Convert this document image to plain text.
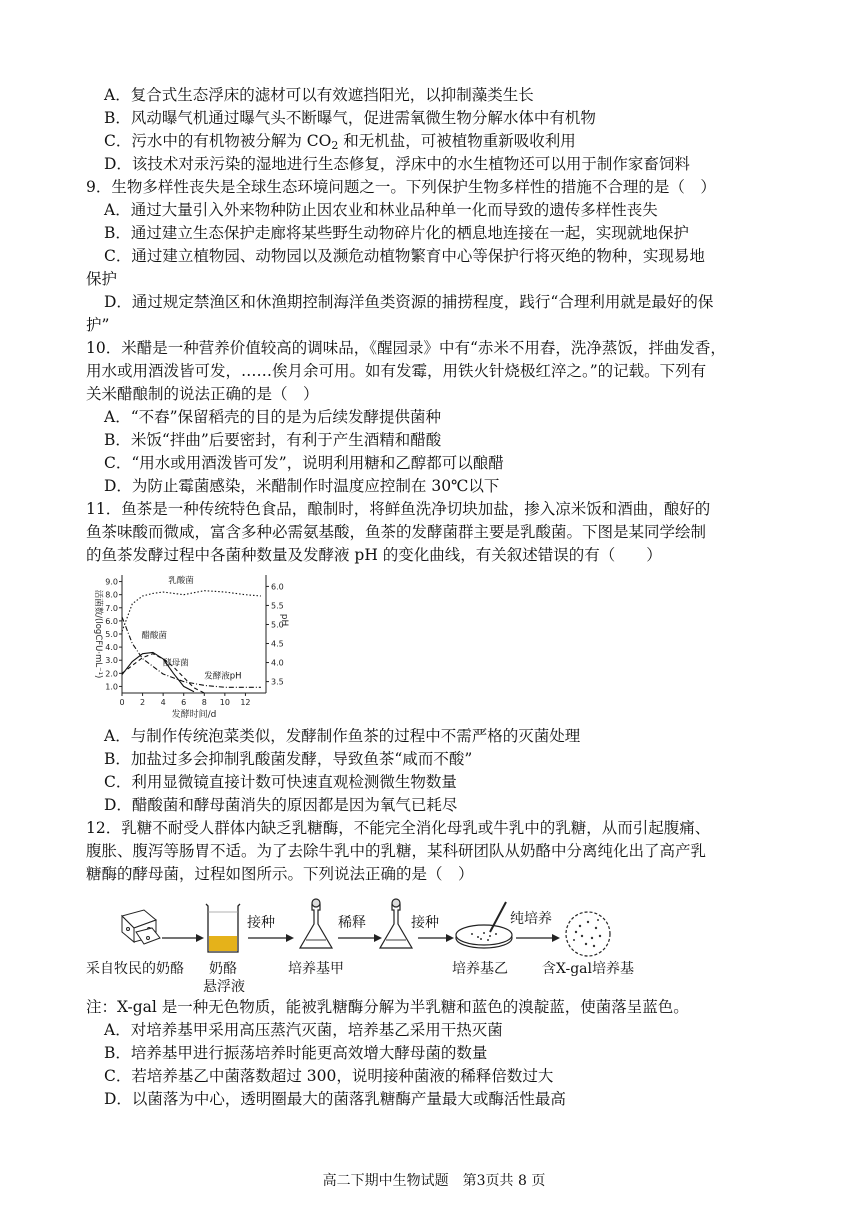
A．复合式生态浮床的滤材可以有效遮挡阳光，以抑制藻类生长
B．风动曝气机通过曝气头不断曝气，促进需氧微生物分解水体中有机物
C．污水中的有机物被分解为 $CO_2$ 和无机盐，可被植物重新吸收利用
D．该技术对汞污染的湿地进行生态修复，浮床中的水生植物还可以用于制作家畜饲料
9．生物多样性丧失是全球生态环境问题之一。下列保护生物多样性的措施不合理的是（　）
A．通过大量引入外来物种防止因农业和林业品种单一化而导致的遗传多样性丧失
B．通过建立生态保护走廊将某些野生动物碎片化的栖息地连接在一起，实现就地保护
C．通过建立植物园、动物园以及濒危动植物繁育中心等保护行将灭绝的物种，实现易地
保护
D．通过规定禁渔区和休渔期控制海洋鱼类资源的捕捞程度，践行“合理利用就是最好的保
护”
10．米醋是一种营养价值较高的调味品，《醒园录》中有“赤米不用舂，洗净蒸饭，拌曲发香，
用水或用酒泼皆可发，……俟月余可用。如有发霉，用铁火针烧极红淬之。”的记载。下列有
关米醋酿制的说法正确的是（　）
A．“不舂”保留稻壳的目的是为后续发酵提供菌种
B．米饭“拌曲”后要密封，有利于产生酒精和醋酸
C．“用水或用酒泼皆可发”，说明利用糖和乙醇都可以酿醋
D．为防止霉菌感染，米醋制作时温度应控制在 30℃以下
11．鱼茶是一种传统特色食品，酿制时，将鲜鱼洗净切块加盐，掺入凉米饭和酒曲，酿好的
鱼茶味酸而微咸，富含多种必需氨基酸，鱼茶的发酵菌群主要是乳酸菌。下图是某同学绘制
的鱼茶发酵过程中各菌种数量及发酵液 pH 的变化曲线，有关叙述错误的有（　　）
0 2 4 6 8 10 12
1.0
2.0
3.0
4.0
5.0
6.0
7.0
8.0
9.0
3.5
4.0
4.5
5.0
5.5
6.0
发酵时间/d
活菌数/(logCFU·mL⁻¹)	pH
乳酸菌
醋酸菌
酵母菌
发酵液pH
A．与制作传统泡菜类似，发酵制作鱼茶的过程中不需严格的灭菌处理
B．加盐过多会抑制乳酸菌发酵，导致鱼茶“咸而不酸”
C．利用显微镜直接计数可快速直观检测微生物数量
D．醋酸菌和酵母菌消失的原因都是因为氧气已耗尽
12．乳糖不耐受人群体内缺乏乳糖酶，不能完全消化母乳或牛乳中的乳糖，从而引起腹痛、
腹胀、腹泻等肠胃不适。为了去除牛乳中的乳糖，某科研团队从奶酪中分离纯化出了高产乳
糖酶的酵母菌，过程如图所示。下列说法正确的是（　）
接种	稀释	接种	纯培养
采自牧民的奶酪 奶酪
悬浮液
培养基甲	培养基乙 含X-gal培养基
注：X-gal 是一种无色物质，能被乳糖酶分解为半乳糖和蓝色的溴靛蓝，使菌落呈蓝色。
A．对培养基甲采用高压蒸汽灭菌，培养基乙采用干热灭菌
B．培养基甲进行振荡培养时能更高效增大酵母菌的数量
C．若培养基乙中菌落数超过 300，说明接种菌液的稀释倍数过大
D．以菌落为中心，透明圈最大的菌落乳糖酶产量最大或酶活性最高
高二下期中生物试题　第3页共 8 页
